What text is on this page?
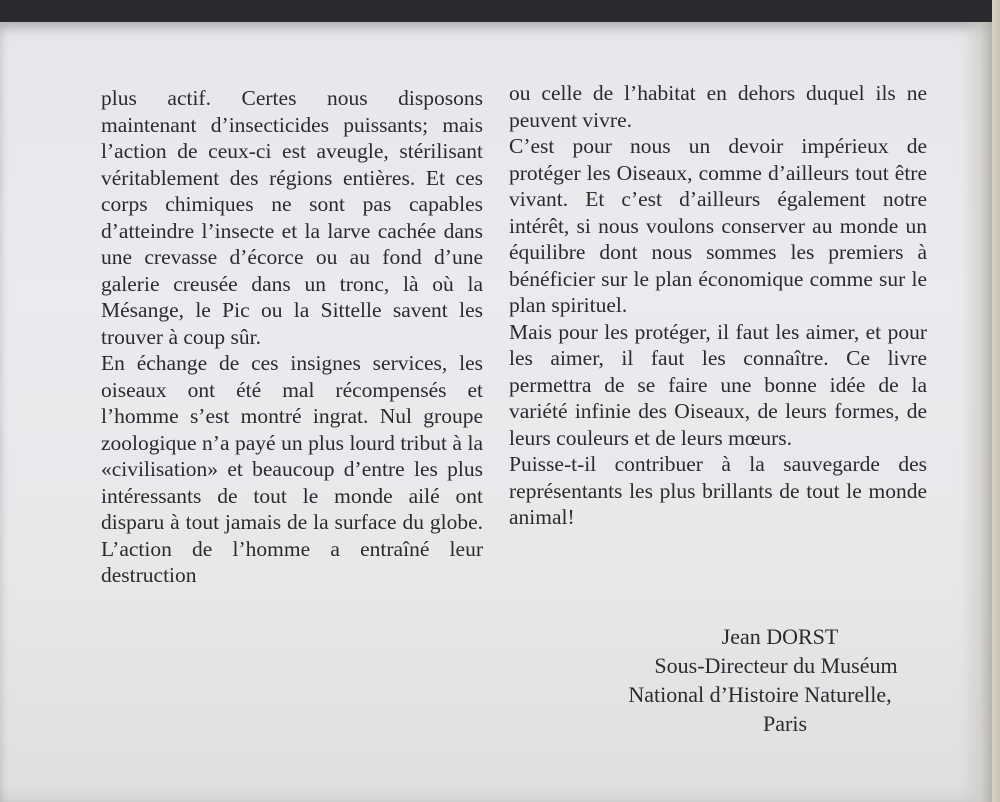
plus actif. Certes nous disposons maintenant d’insecticides puissants; mais l’action de ceux-ci est aveugle, stérilisant véritablement des régions entières. Et ces corps chimiques ne sont pas capables d’atteindre l’insecte et la larve cachée dans une crevasse d’écorce ou au fond d’une galerie creusée dans un tronc, là où la Mésange, le Pic ou la Sittelle savent les trouver à coup sûr.

En échange de ces insignes services, les oiseaux ont été mal récompensés et l’homme s’est montré ingrat. Nul groupe zoologique n’a payé un plus lourd tribut à la «civilisation» et beaucoup d’entre les plus intéressants de tout le monde ailé ont disparu à tout jamais de la surface du globe. L’action de l’homme a entraîné leur destruction

ou celle de l’habitat en dehors duquel ils ne peuvent vivre.

C’est pour nous un devoir impérieux de protéger les Oiseaux, comme d’ailleurs tout être vivant. Et c’est d’ailleurs également notre intérêt, si nous voulons conserver au monde un équilibre dont nous sommes les premiers à bénéficier sur le plan économique comme sur le plan spirituel.

Mais pour les protéger, il faut les aimer, et pour les aimer, il faut les connaître. Ce livre permettra de se faire une bonne idée de la variété infinie des Oiseaux, de leurs formes, de leurs couleurs et de leurs mœurs.

Puisse-t-il contribuer à la sauvegarde des représentants les plus brillants de tout le monde animal!

Jean DORST
Sous-Directeur du Muséum
National d’Histoire Naturelle,
Paris
